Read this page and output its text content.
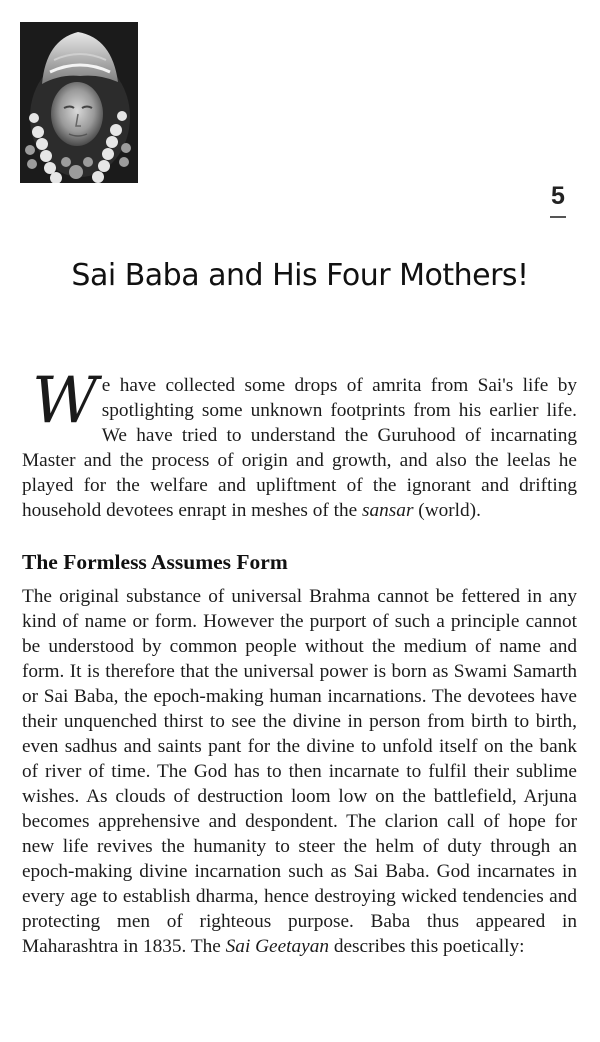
5
Sai Baba and His Four Mothers!

We have collected some drops of amrita from Sai's life by spotlighting some unknown footprints from his earlier life. We have tried to understand the Guruhood of incarnating Master and the process of origin and growth, and also the leelas he played for the welfare and upliftment of the ignorant and drifting household devotees enrapt in meshes of the sansar (world).

The Formless Assumes Form

The original substance of universal Brahma cannot be fettered in any kind of name or form. However the purport of such a principle cannot be understood by common people without the medium of name and form. It is therefore that the universal power is born as Swami Samarth or Sai Baba, the epoch-making human incarnations. The devotees have their unquenched thirst to see the divine in person from birth to birth, even sadhus and saints pant for the divine to unfold itself on the bank of river of time. The God has to then incarnate to fulfil their sublime wishes. As clouds of destruction loom low on the battlefield, Arjuna becomes apprehensive and despondent. The clarion call of hope for new life revives the humanity to steer the helm of duty through an epoch-making divine incarnation such as Sai Baba. God incarnates in every age to establish dharma, hence destroying wicked tendencies and protecting men of righteous purpose. Baba thus appeared in Maharashtra in 1835. The Sai Geetayan describes this poetically:
